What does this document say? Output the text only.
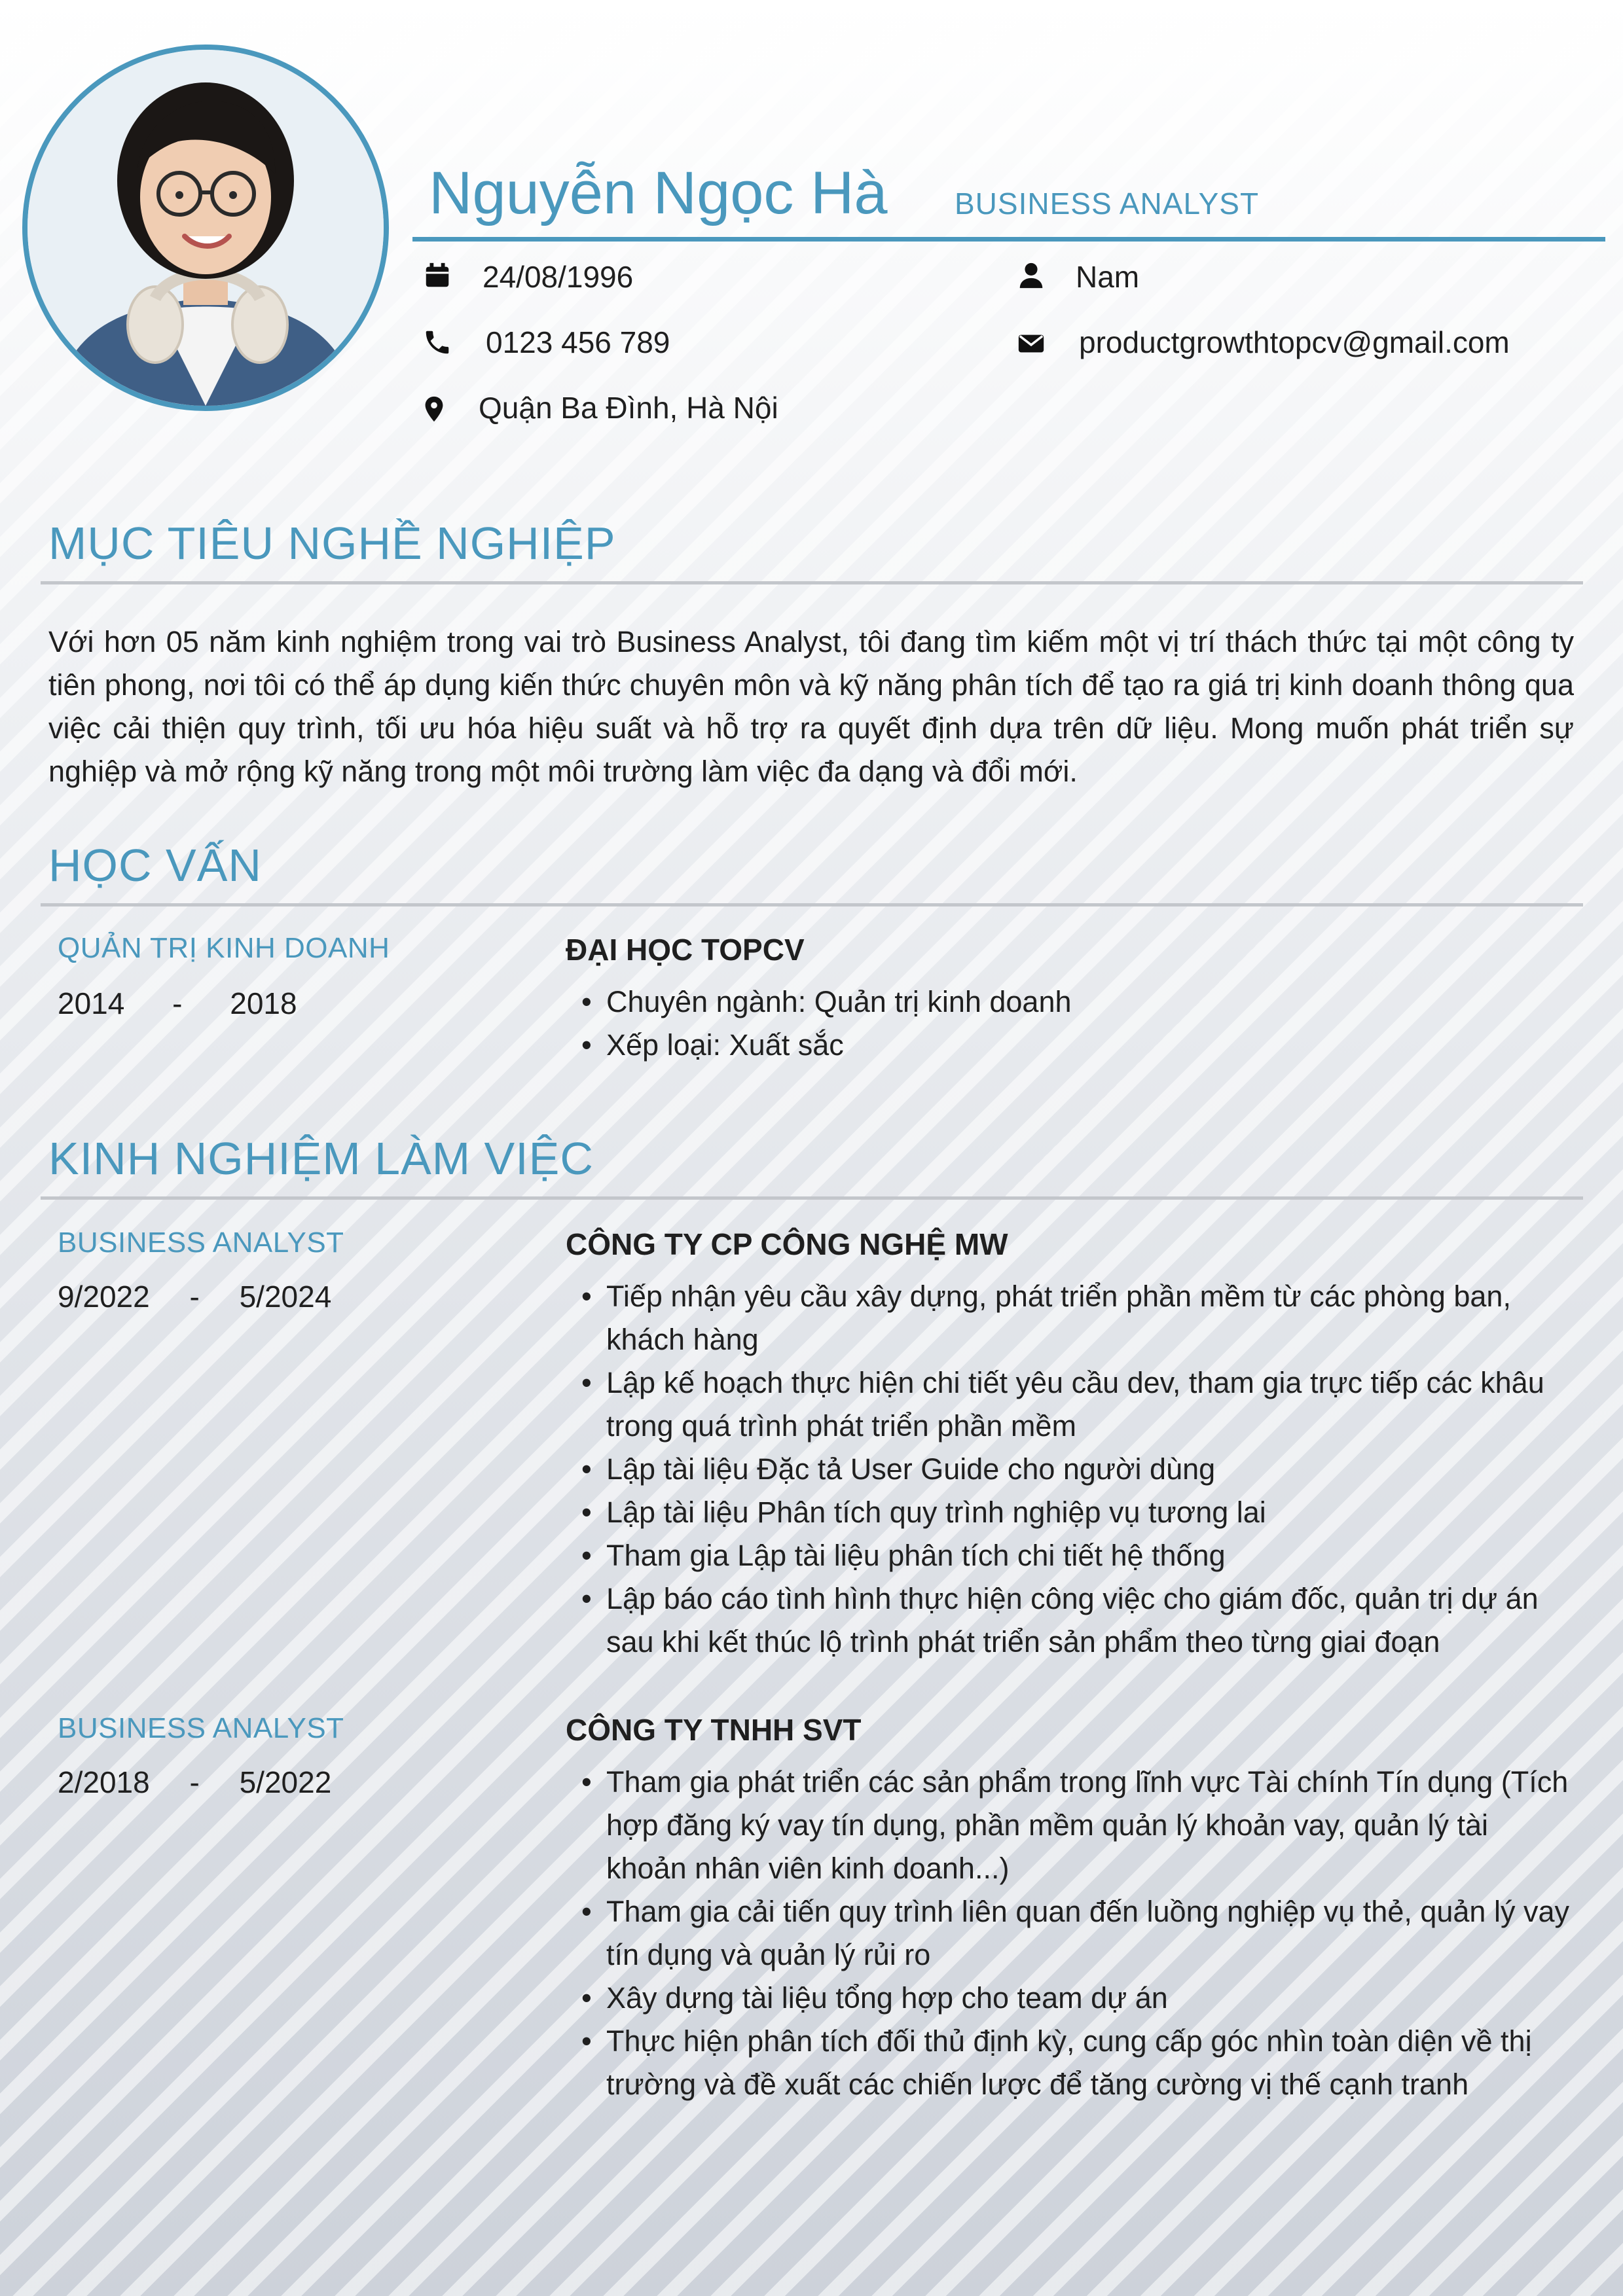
Nguyễn Ngọc Hà BUSINESS ANALYST
24/08/1996
0123 456 789
Quận Ba Đình, Hà Nội
Nam
productgrowthtopcv@gmail.com
MỤC TIÊU NGHỀ NGHIỆP
Với hơn 05 năm kinh nghiệm trong vai trò Business Analyst, tôi đang tìm kiếm một vị trí thách thức tại một công ty tiên phong, nơi tôi có thể áp dụng kiến thức chuyên môn và kỹ năng phân tích để tạo ra giá trị kinh doanh thông qua việc cải thiện quy trình, tối ưu hóa hiệu suất và hỗ trợ ra quyết định dựa trên dữ liệu. Mong muốn phát triển sự nghiệp và mở rộng kỹ năng trong một môi trường làm việc đa dạng và đổi mới.
HỌC VẤN
QUẢN TRỊ KINH DOANH
2014 - 2018
ĐẠI HỌC TOPCV
• Chuyên ngành: Quản trị kinh doanh
• Xếp loại: Xuất sắc
KINH NGHIỆM LÀM VIỆC
BUSINESS ANALYST
9/2022 - 5/2024
CÔNG TY CP CÔNG NGHỆ MW
• Tiếp nhận yêu cầu xây dựng, phát triển phần mềm từ các phòng ban, khách hàng
• Lập kế hoạch thực hiện chi tiết yêu cầu dev, tham gia trực tiếp các khâu trong quá trình phát triển phần mềm
• Lập tài liệu Đặc tả User Guide cho người dùng
• Lập tài liệu Phân tích quy trình nghiệp vụ tương lai
• Tham gia Lập tài liệu phân tích chi tiết hệ thống
• Lập báo cáo tình hình thực hiện công việc cho giám đốc, quản trị dự án sau khi kết thúc lộ trình phát triển sản phẩm theo từng giai đoạn
BUSINESS ANALYST
2/2018 - 5/2022
CÔNG TY TNHH SVT
• Tham gia phát triển các sản phẩm trong lĩnh vực Tài chính Tín dụng (Tích hợp đăng ký vay tín dụng, phần mềm quản lý khoản vay, quản lý tài khoản nhân viên kinh doanh...)
• Tham gia cải tiến quy trình liên quan đến luồng nghiệp vụ thẻ, quản lý vay tín dụng và quản lý rủi ro
• Xây dựng tài liệu tổng hợp cho team dự án
• Thực hiện phân tích đối thủ định kỳ, cung cấp góc nhìn toàn diện về thị trường và đề xuất các chiến lược để tăng cường vị thế cạnh tranh
